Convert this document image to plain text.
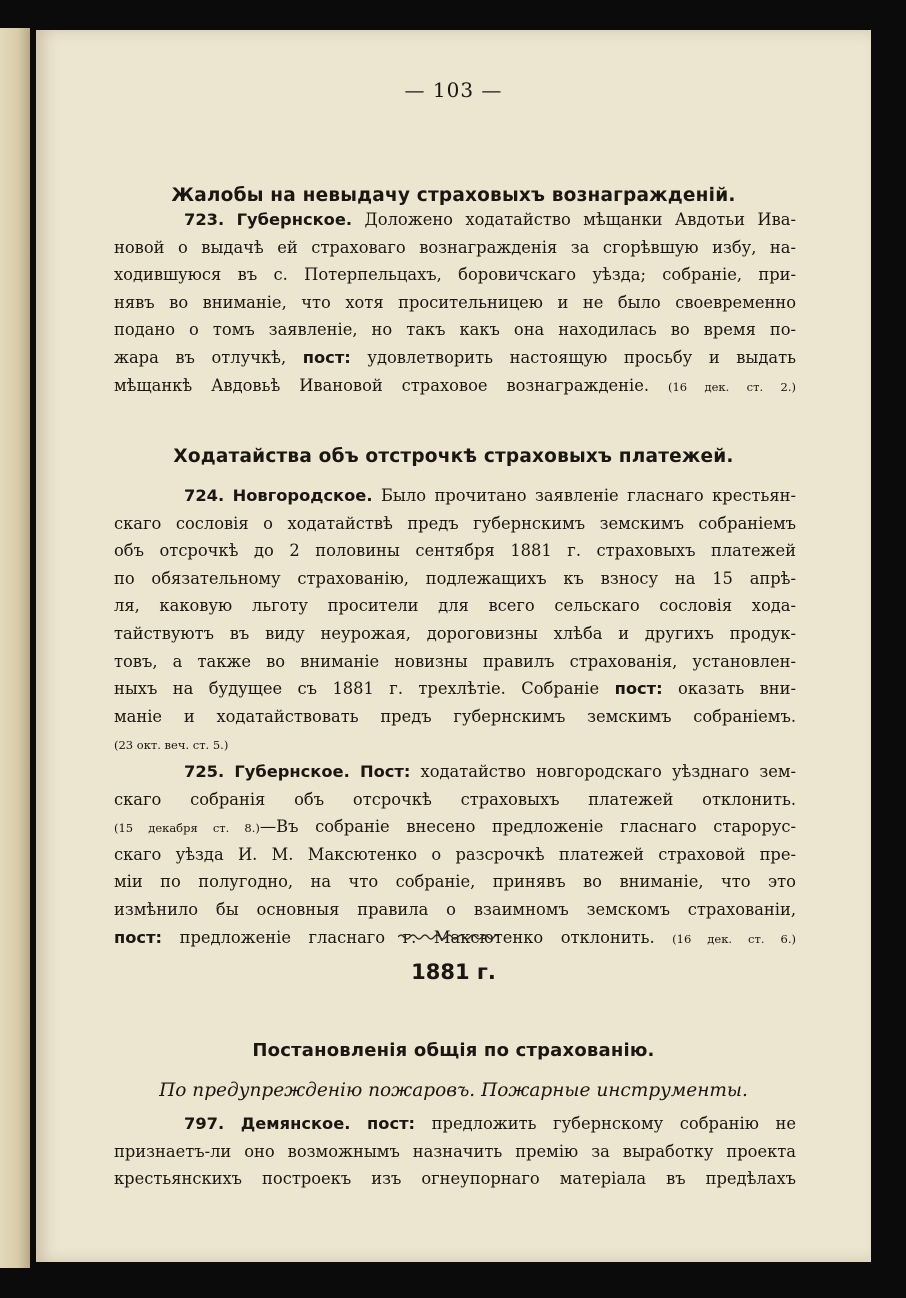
— 103 —
Жалобы на невыдачу страховыхъ вознагражденій.
723. Губернское. Доложено ходатайство мѣщанки Авдотьи Ива-
новой о выдачѣ ей страховаго вознагражденія за сгорѣвшую избу, на-
ходившуюся въ с. Потерпельцахъ, боровичскаго уѣзда; собраніе, при-
нявъ во вниманіе, что хотя просительницею и не было своевременно
подано о томъ заявленіе, но такъ какъ она находилась во время по-
жара въ отлучкѣ, пост: удовлетворить настоящую просьбу и выдать
мѣщанкѣ Авдовьѣ Ивановой страховое вознагражденіе. (16 дек. ст. 2.)
Ходатайства объ отстрочкѣ страховыхъ платежей.
724. Новгородское. Было прочитано заявленіе гласнаго крестьян-
скаго сословія о ходатайствѣ предъ губернскимъ земскимъ собраніемъ
объ отсрочкѣ до 2 половины сентября 1881 г. страховыхъ платежей
по обязательному страхованію, подлежащихъ къ взносу на 15 апрѣ-
ля, каковую льготу просители для всего сельскаго сословія хода-
тайствуютъ въ виду неурожая, дороговизны хлѣба и другихъ продук-
товъ, а также во вниманіе новизны правилъ страхованія, установлен-
ныхъ на будущее съ 1881 г. трехлѣтіе. Собраніе пост: оказать вни-
маніе и ходатайствовать предъ губернскимъ земскимъ собраніемъ.
(23 окт. веч. ст. 5.)
725. Губернское. Пост: ходатайство новгородскаго уѣзднаго зем-
скаго собранія объ отсрочкѣ страховыхъ платежей отклонить.
(15 декабря ст. 8.)—Въ собраніе внесено предложеніе гласнаго старорус-
скаго уѣзда И. М. Максютенко о разсрочкѣ платежей страховой пре-
міи по полугодно, на что собраніе, принявъ во вниманіе, что это
измѣнило бы основныя правила о взаимномъ земскомъ страхованіи,
пост: предложеніе гласнаго г. Максютенко отклонить. (16 дек. ст. 6.)
1881 г.
Постановленія общія по страхованію.
По предупрежденію пожаровъ. Пожарные инструменты.
797. Демянское. пост: предложить губернскому собранію не
признаетъ-ли оно возможнымъ назначить премію за выработку проекта
крестьянскихъ построекъ изъ огнеупорнаго матеріала въ предѣлахъ
